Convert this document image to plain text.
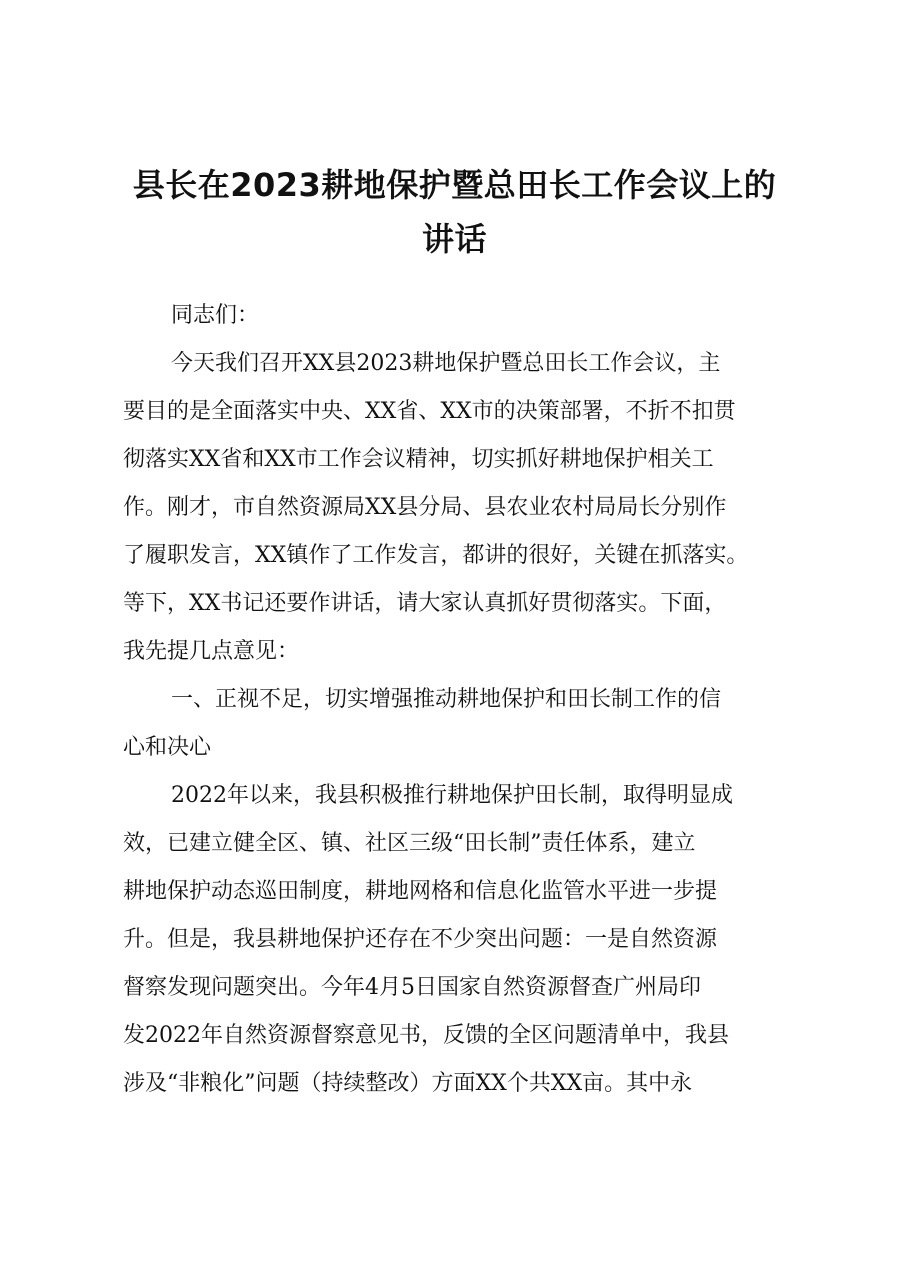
县长在2023耕地保护暨总田长工作会议上的
讲话
同志们：
今天我们召开XX县2023耕地保护暨总田长工作会议，主
要目的是全面落实中央、XX省、XX市的决策部署，不折不扣贯
彻落实XX省和XX市工作会议精神，切实抓好耕地保护相关工
作。刚才，市自然资源局XX县分局、县农业农村局局长分别作
了履职发言，XX镇作了工作发言，都讲的很好，关键在抓落实。
等下，XX书记还要作讲话，请大家认真抓好贯彻落实。下面，
我先提几点意见：
一、正视不足，切实增强推动耕地保护和田长制工作的信
心和决心
2022年以来，我县积极推行耕地保护田长制，取得明显成
效，已建立健全区、镇、社区三级“田长制”责任体系，建立
耕地保护动态巡田制度，耕地网格和信息化监管水平进一步提
升。但是，我县耕地保护还存在不少突出问题：一是自然资源
督察发现问题突出。今年4月5日国家自然资源督查广州局印
发2022年自然资源督察意见书，反馈的全区问题清单中，我县
涉及“非粮化”问题（持续整改）方面XX个共XX亩。其中永
